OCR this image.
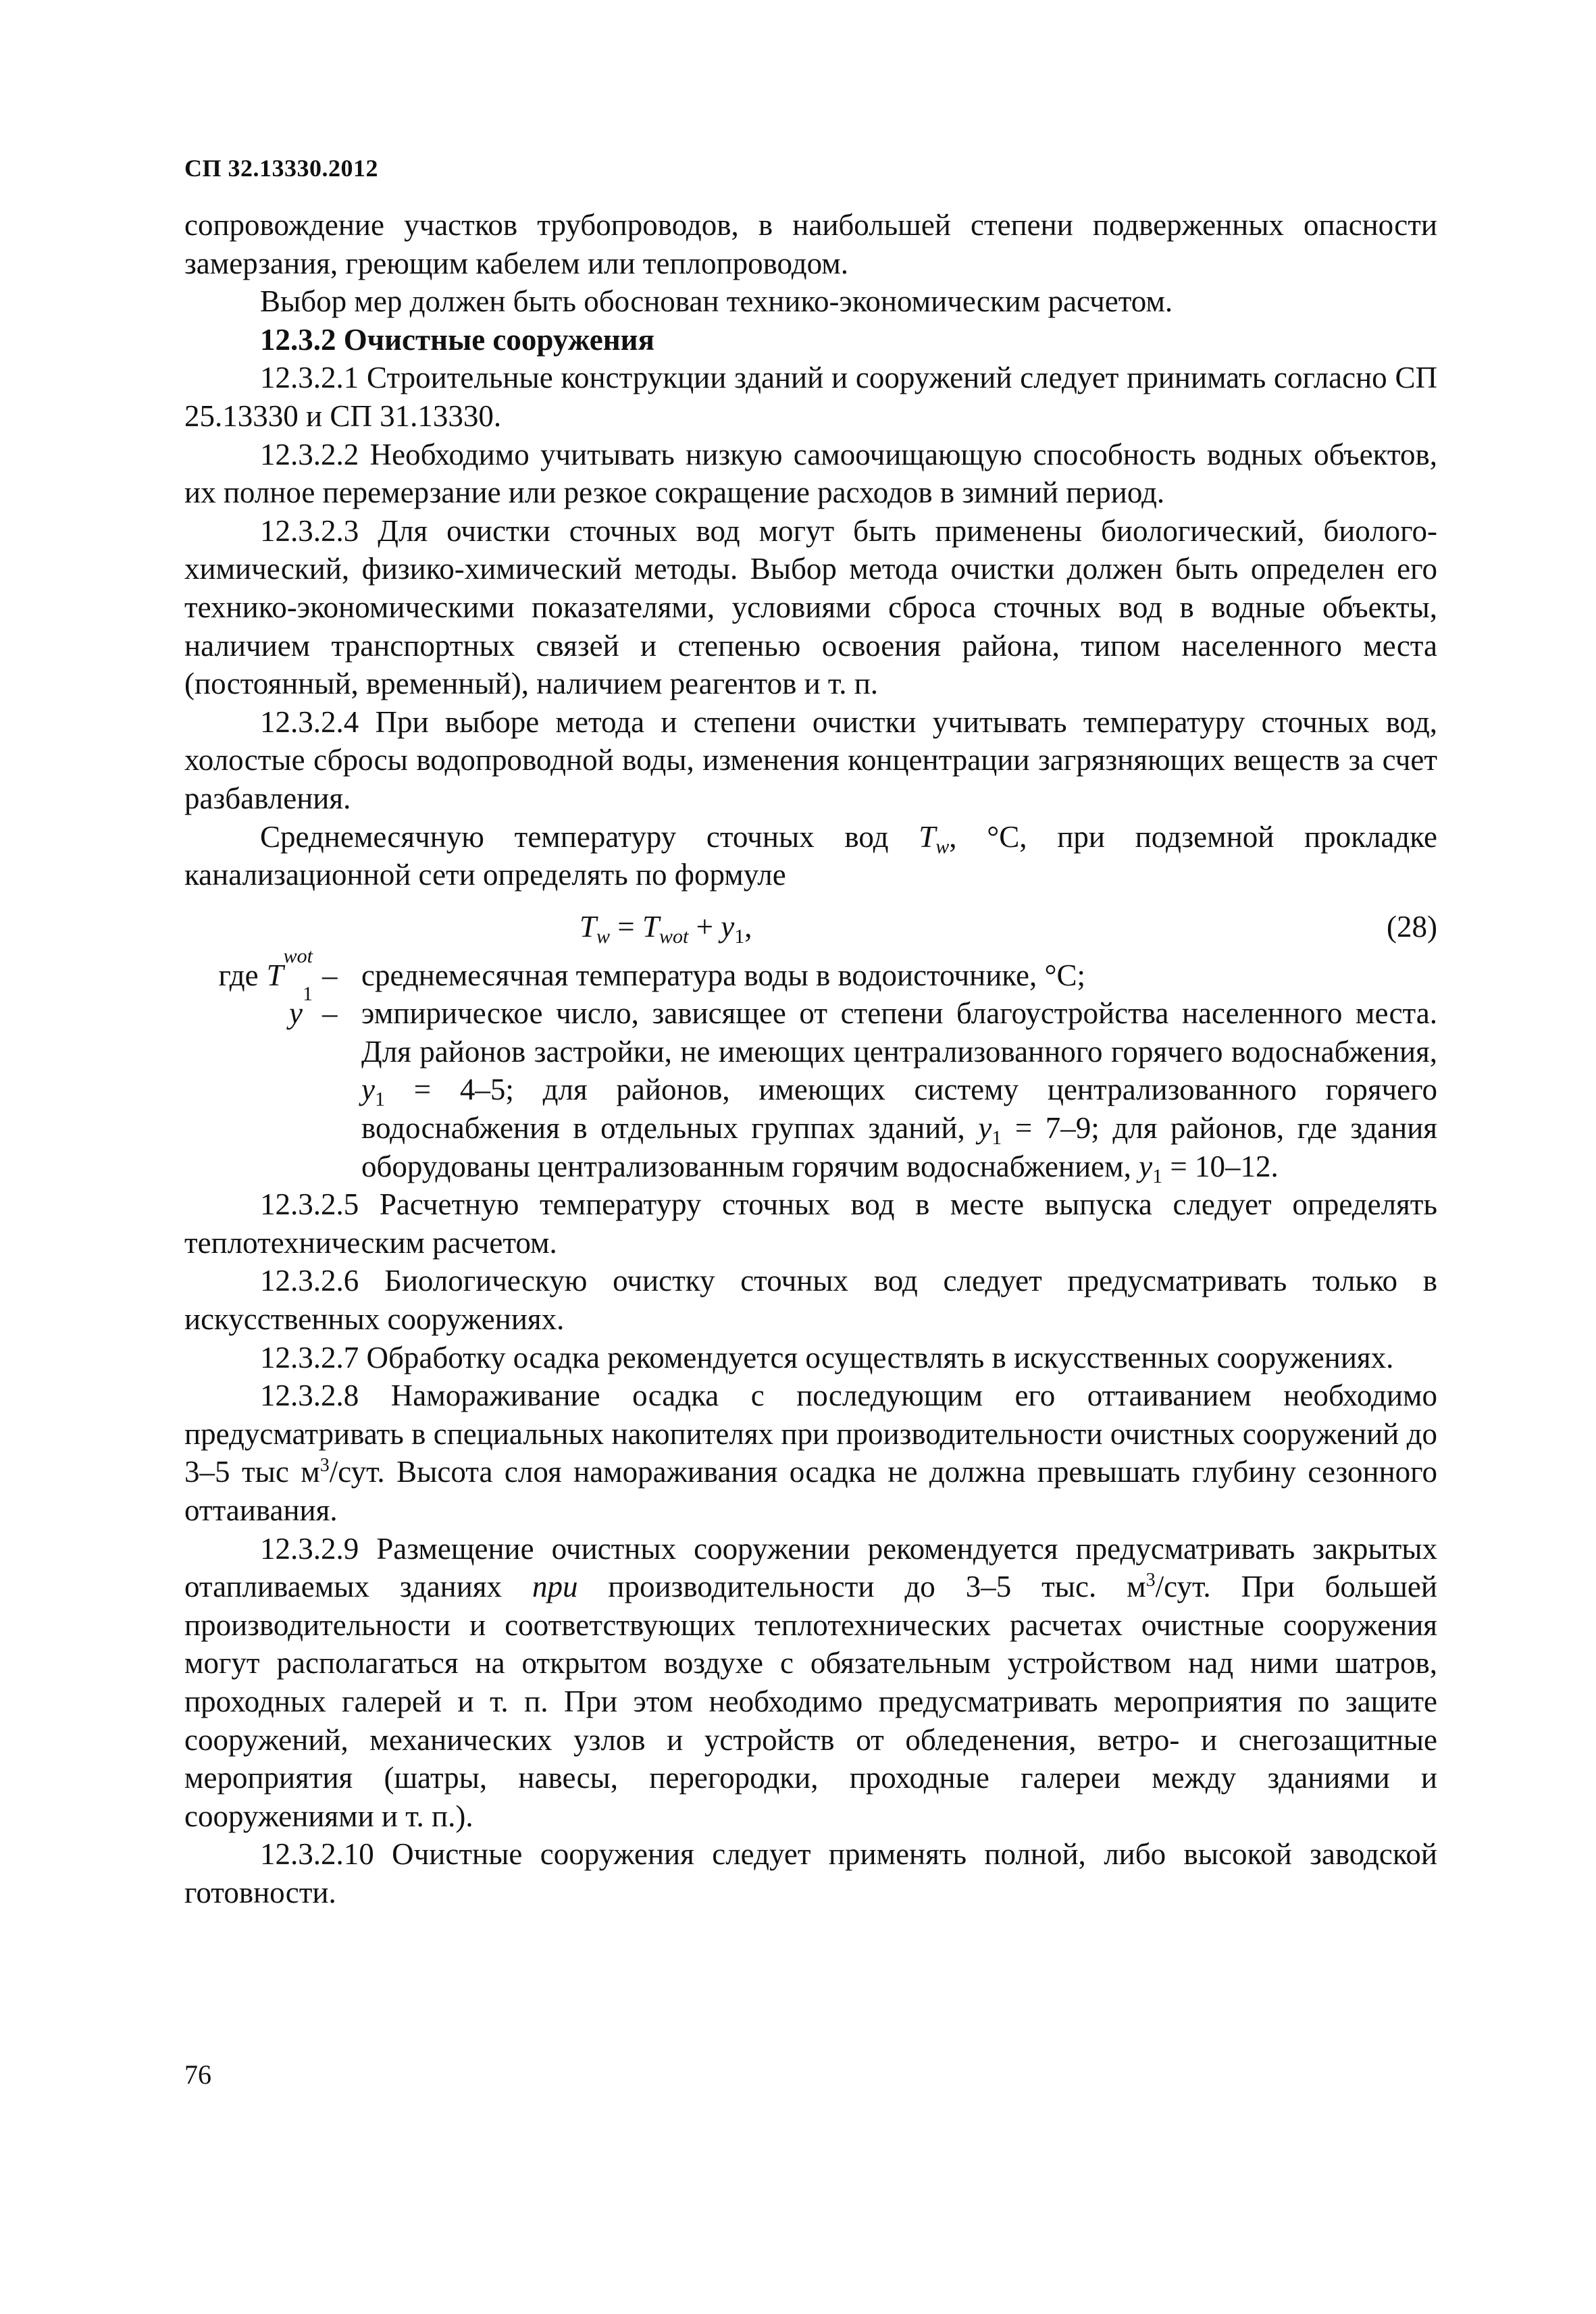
СП 32.13330.2012

сопровождение участков трубопроводов, в наибольшей степени подверженных опасности замерзания, греющим кабелем или теплопроводом.

Выбор мер должен быть обоснован технико-экономическим расчетом.

12.3.2 Очистные сооружения

12.3.2.1 Строительные конструкции зданий и сооружений следует принимать согласно СП 25.13330 и СП 31.13330.

12.3.2.2 Необходимо учитывать низкую самоочищающую способность водных объектов, их полное перемерзание или резкое сокращение расходов в зимний период.

12.3.2.3 Для очистки сточных вод могут быть применены биологический, биолого-химический, физико-химический методы. Выбор метода очистки должен быть определен его технико-экономическими показателями, условиями сброса сточных вод в водные объекты, наличием транспортных связей и степенью освоения района, типом населенного места (постоянный, временный), наличием реагентов и т. п.

12.3.2.4 При выборе метода и степени очистки учитывать температуру сточных вод, холостые сбросы водопроводной воды, изменения концентрации загрязняющих веществ за счет разбавления.

Среднемесячную температуру сточных вод $T_w$, °С, при подземной прокладке канализационной сети определять по формуле

$T_w = T_{wot} + y_1$,	(28)
где T
wot
– среднемесячная температура воды в водоисточнике, °С;
y
1
– эмпирическое число, зависящее от степени благоустройства населенного места. Для районов застройки, не имеющих централизованного горячего водоснабжения, $y_1 = 4-5$; для районов, имеющих систему централизованного горячего водоснабжения в отдельных группах зданий, $y_1 = 7-9$; для районов, где здания оборудованы централизованным горячим водоснабжением, $y_1 = 10-12$.

12.3.2.5 Расчетную температуру сточных вод в месте выпуска следует определять теплотехническим расчетом.

12.3.2.6 Биологическую очистку сточных вод следует предусматривать только в искусственных сооружениях.

12.3.2.7 Обработку осадка рекомендуется осуществлять в искусственных сооружениях.

12.3.2.8 Намораживание осадка с последующим его оттаиванием необходимо предусматривать в специальных накопителях при производительности очистных сооружений до 3–5 тыс $м^3$/сут. Высота слоя намораживания осадка не должна превышать глубину сезонного оттаивания.

12.3.2.9 Размещение очистных сооружении рекомендуется предусматривать закрытых отапливаемых зданиях при производительности до 3–5 тыс. $м^3$/сут. При большей производительности и соответствующих теплотехнических расчетах очистные сооружения могут располагаться на открытом воздухе с обязательным устройством над ними шатров, проходных галерей и т. п. При этом необходимо предусматривать мероприятия по защите сооружений, механических узлов и устройств от обледенения, ветро- и снегозащитные мероприятия (шатры, навесы, перегородки, проходные галереи между зданиями и сооружениями и т. п.).

12.3.2.10 Очистные сооружения следует применять полной, либо высокой заводской готовности.

76
